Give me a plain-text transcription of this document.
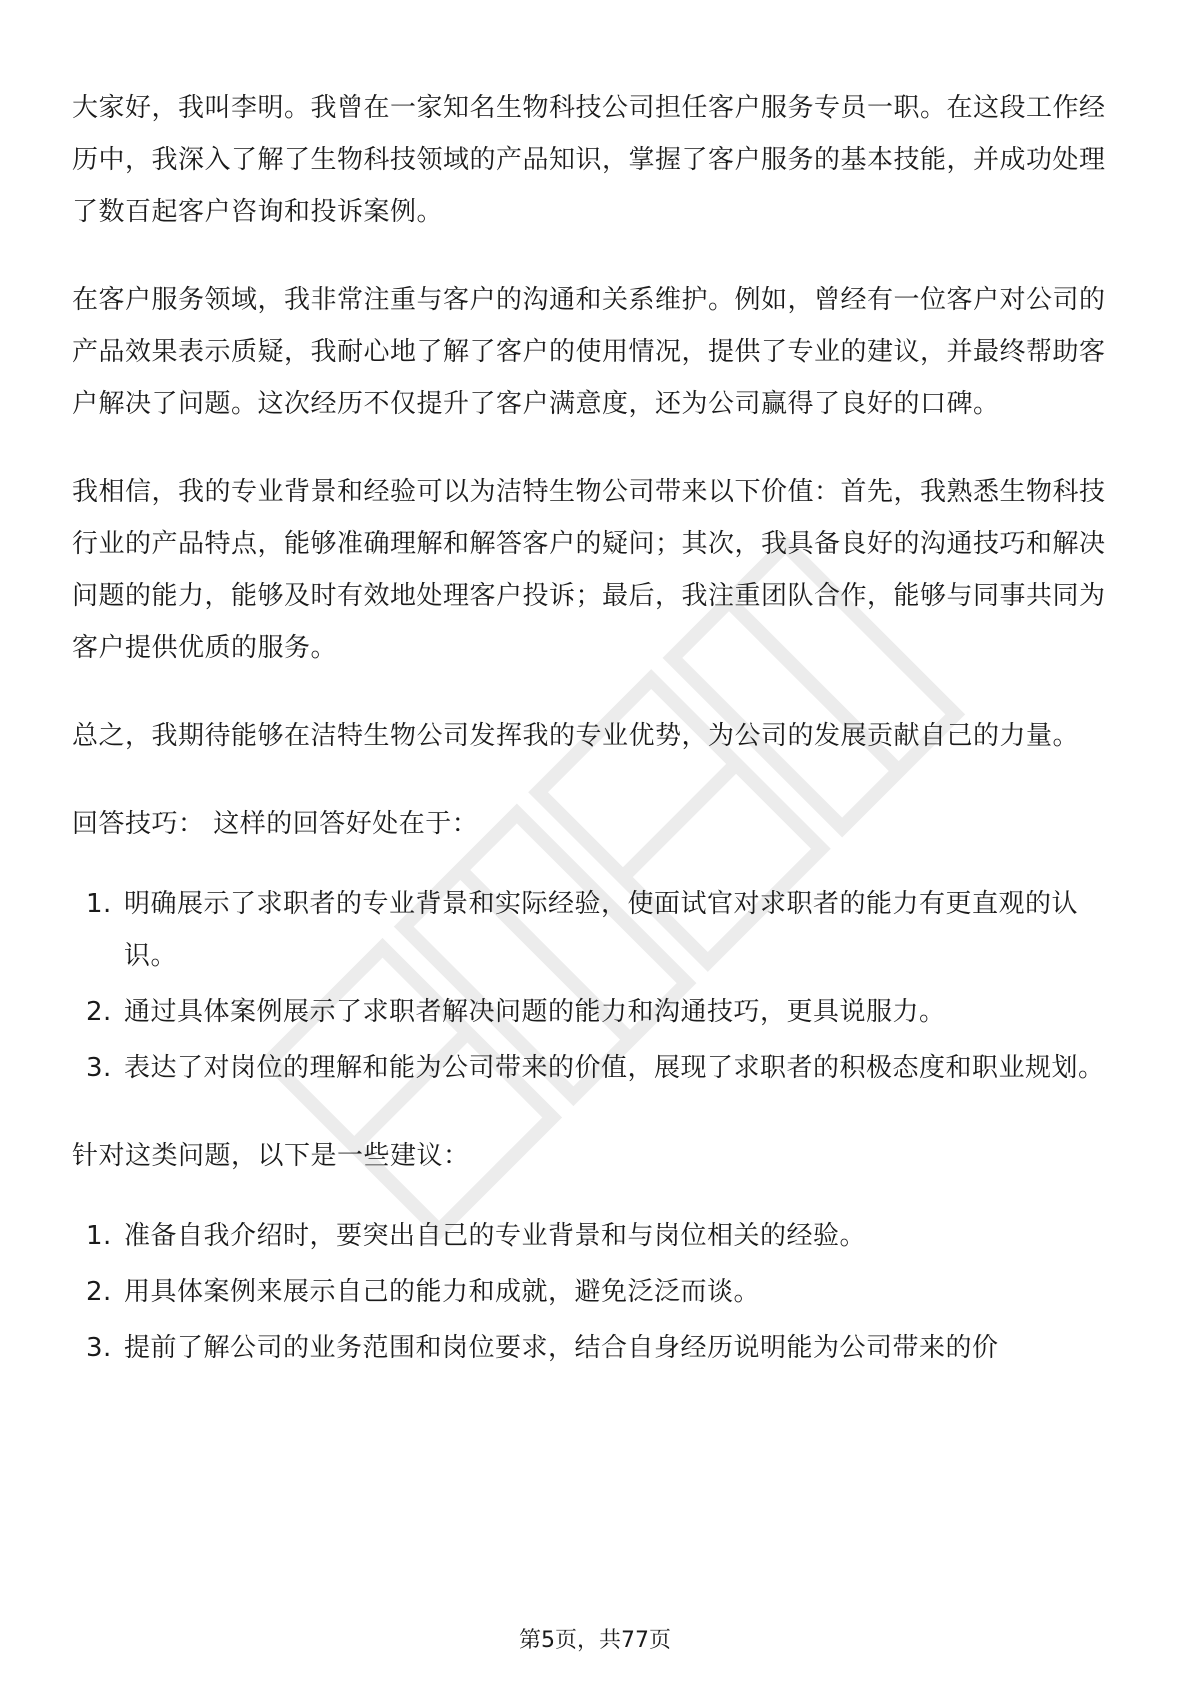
大家好，我叫李明。我曾在一家知名生物科技公司担任客户服务专员一职。在这段工作经历中，我深入了解了生物科技领域的产品知识，掌握了客户服务的基本技能，并成功处理了数百起客户咨询和投诉案例。

在客户服务领域，我非常注重与客户的沟通和关系维护。例如，曾经有一位客户对公司的产品效果表示质疑，我耐心地了解了客户的使用情况，提供了专业的建议，并最终帮助客户解决了问题。这次经历不仅提升了客户满意度，还为公司赢得了良好的口碑。

我相信，我的专业背景和经验可以为洁特生物公司带来以下价值：首先，我熟悉生物科技行业的产品特点，能够准确理解和解答客户的疑问；其次，我具备良好的沟通技巧和解决问题的能力，能够及时有效地处理客户投诉；最后，我注重团队合作，能够与同事共同为客户提供优质的服务。

总之，我期待能够在洁特生物公司发挥我的专业优势，为公司的发展贡献自己的力量。

回答技巧： 这样的回答好处在于：

1. 明确展示了求职者的专业背景和实际经验，使面试官对求职者的能力有更直观的认识。
2. 通过具体案例展示了求职者解决问题的能力和沟通技巧，更具说服力。
3. 表达了对岗位的理解和能为公司带来的价值，展现了求职者的积极态度和职业规划。

针对这类问题，以下是一些建议：

1. 准备自我介绍时，要突出自己的专业背景和与岗位相关的经验。
2. 用具体案例来展示自己的能力和成就，避免泛泛而谈。
3. 提前了解公司的业务范围和岗位要求，结合自身经历说明能为公司带来的价
第5页，共77页
